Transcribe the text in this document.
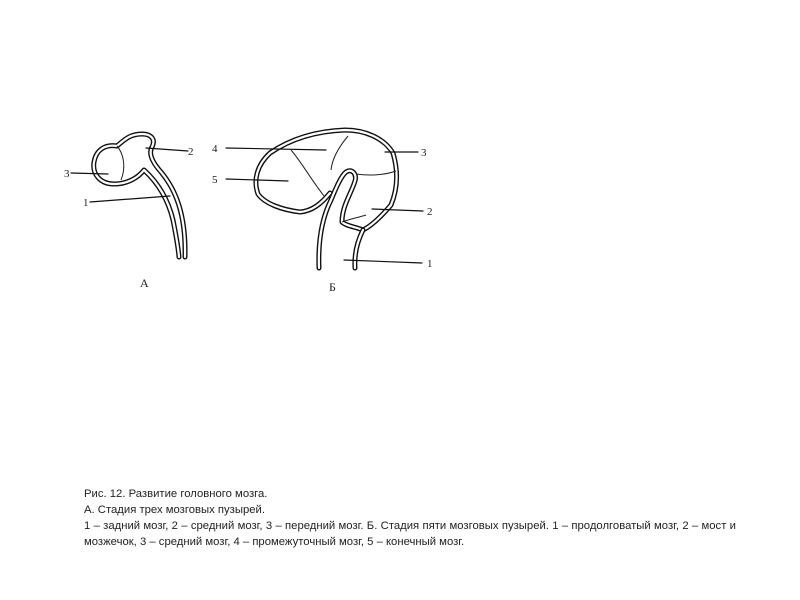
2
3
1
А
4
5
3
2
1
Б

Рис. 12. Развитие головного мозга.

А. Стадия трех мозговых пузырей.

1 – задний мозг, 2 – средний мозг, 3 – передний мозг. Б. Стадия пяти мозговых пузырей. 1 – продолговатый мозг, 2 – мост и мозжечок, 3 – средний мозг, 4 – промежуточный мозг, 5 – конечный мозг.
